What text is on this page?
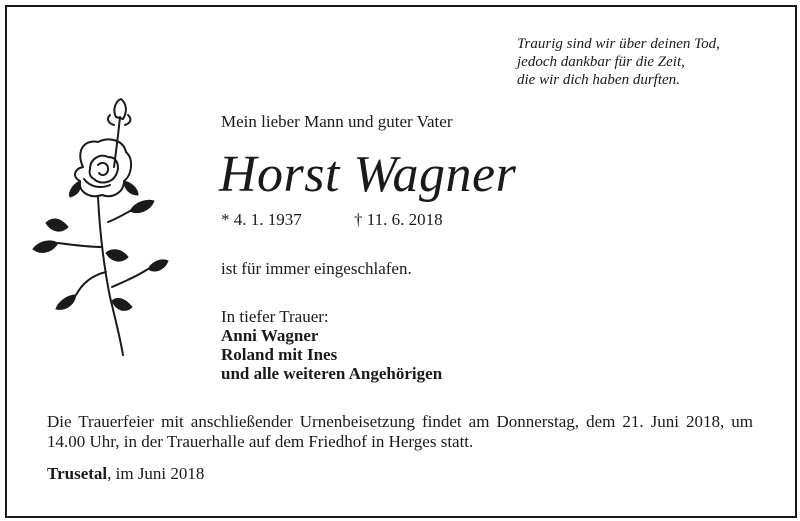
Traurig sind wir über deinen Tod,
jedoch dankbar für die Zeit,
die wir dich haben durften.
Mein lieber Mann und guter Vater
Horst Wagner
* 4. 1. 1937	† 11. 6. 2018
ist für immer eingeschlafen.
In tiefer Trauer:
Anni Wagner
Roland mit Ines
und alle weiteren Angehörigen
Die Trauerfeier mit anschließender Urnenbeisetzung findet am Donnerstag, dem 21. Juni 2018, um 14.00 Uhr, in der Trauerhalle auf dem Friedhof in Herges statt.
Trusetal, im Juni 2018
